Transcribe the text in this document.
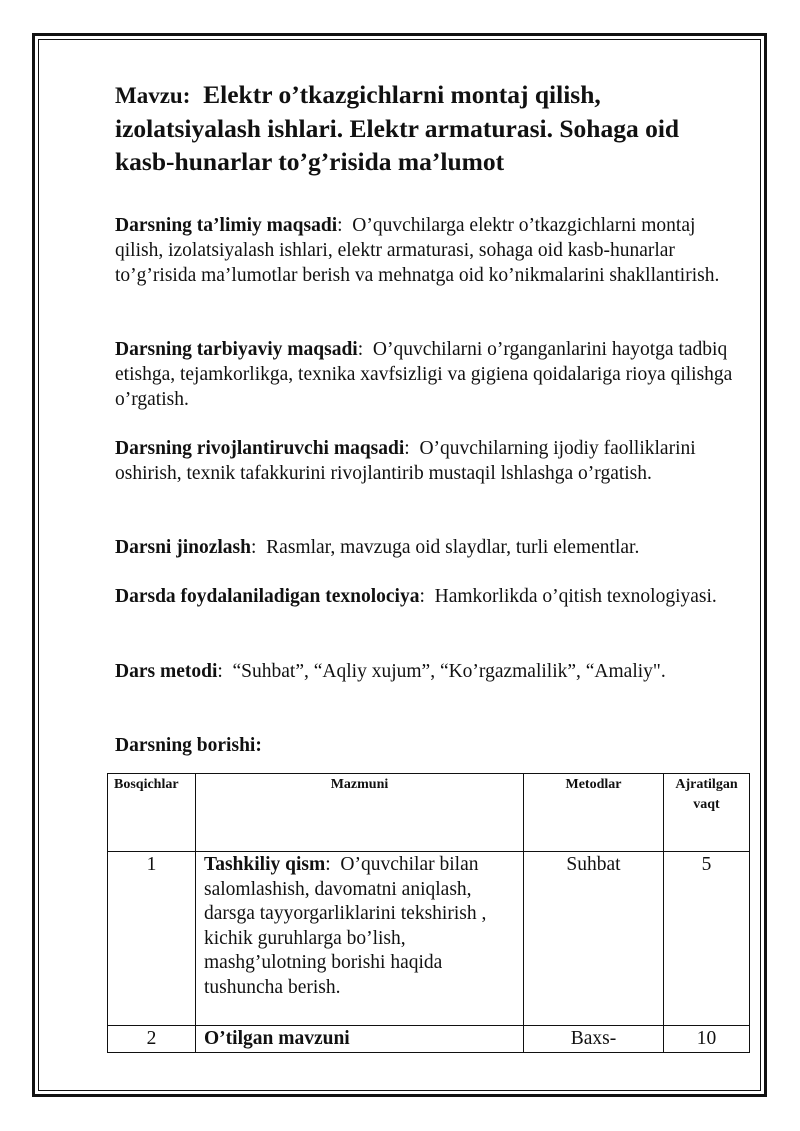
Mavzu: Elektr o’tkazgichlarni montaj qilish, izolatsiyalash ishlari. Elektr armaturasi. Sohaga oid kasb-hunarlar to’g’risida ma’lumot

Darsning ta’limiy maqsadi:  O’quvchilarga elektr o’tkazgichlarni montaj qilish, izolatsiyalash ishlari, elektr armaturasi, sohaga oid kasb-hunarlar to’g’risida ma’lumotlar berish va mehnatga oid ko’nikmalarini shakllantirish.

Darsning tarbiyaviy maqsadi:  O’quvchilarni o’rganganlarini hayotga tadbiq etishga, tejamkorlikga, texnika xavfsizligi va gigiena qoidalariga rioya qilishga o’rgatish.

Darsning rivojlantiruvchi maqsadi:  O’quvchilarning ijodiy faolliklarini oshirish, texnik tafakkurini rivojlantirib mustaqil lshlashga o’rgatish.

Darsni jinozlash:  Rasmlar, mavzuga oid slaydlar, turli elementlar.

Darsda foydalaniladigan texnolociya:  Hamkorlikda o’qitish texnologiyasi.

Dars metodi:  “Suhbat”, “Aqliy xujum”, “Ko’rgazmalilik”, “Amaliy".

Darsning borishi:

Bosqichlar	Mazmuni	Metodlar	Ajratilgan vaqt
1	Tashkiliy qism:  O’quvchilar bilan salomlashish, davomatni aniqlash, darsga tayyorgarliklarini tekshirish , kichik guruhlarga bo’lish, mashg’ulotning borishi haqida tushuncha berish.	Suhbat	5
2	O’tilgan mavzuni	Baxs-	10
